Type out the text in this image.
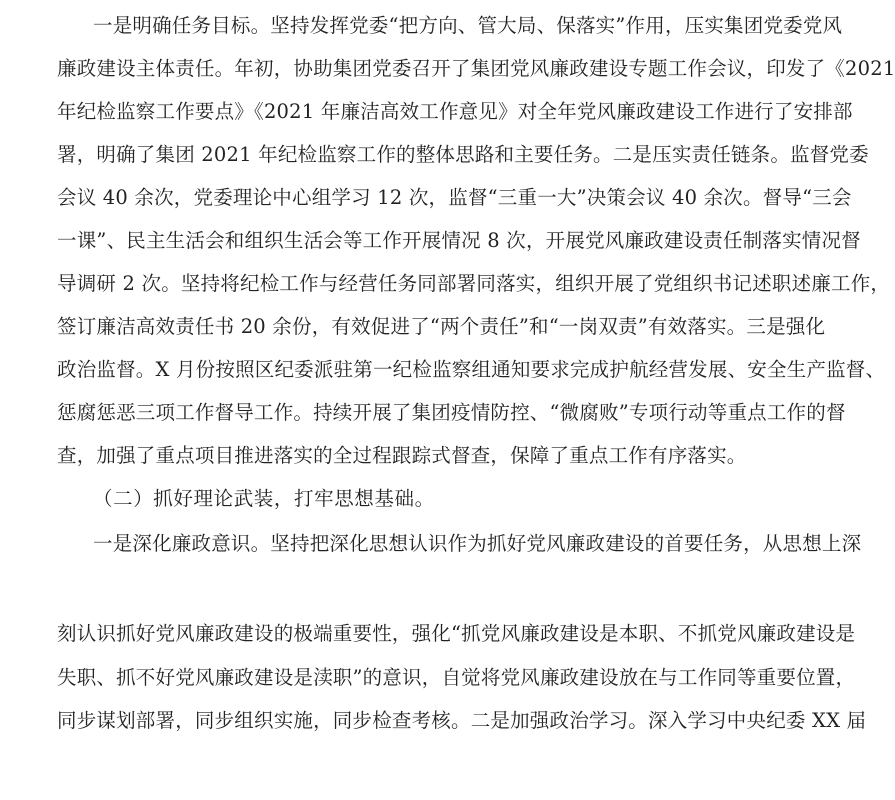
一是明确任务目标。坚持发挥党委“把方向、管大局、保落实”作用，压实集团党委党风
廉政建设主体责任。年初，协助集团党委召开了集团党风廉政建设专题工作会议，印发了《2021
年纪检监察工作要点》《2021 年廉洁高效工作意见》对全年党风廉政建设工作进行了安排部
署，明确了集团 2021 年纪检监察工作的整体思路和主要任务。二是压实责任链条。监督党委
会议 40 余次，党委理论中心组学习 12 次，监督“三重一大”决策会议 40 余次。督导“三会
一课”、民主生活会和组织生活会等工作开展情况 8 次，开展党风廉政建设责任制落实情况督
导调研 2 次。坚持将纪检工作与经营任务同部署同落实，组织开展了党组织书记述职述廉工作，
签订廉洁高效责任书 20 余份，有效促进了“两个责任”和“一岗双责”有效落实。三是强化
政治监督。X 月份按照区纪委派驻第一纪检监察组通知要求完成护航经营发展、安全生产监督、
惩腐惩恶三项工作督导工作。持续开展了集团疫情防控、“微腐败”专项行动等重点工作的督
查，加强了重点项目推进落实的全过程跟踪式督查，保障了重点工作有序落实。
（二）抓好理论武装，打牢思想基础。
一是深化廉政意识。坚持把深化思想认识作为抓好党风廉政建设的首要任务，从思想上深
刻认识抓好党风廉政建设的极端重要性，强化“抓党风廉政建设是本职、不抓党风廉政建设是
失职、抓不好党风廉政建设是渎职”的意识，自觉将党风廉政建设放在与工作同等重要位置，
同步谋划部署，同步组织实施，同步检查考核。二是加强政治学习。深入学习中央纪委 XX 届
